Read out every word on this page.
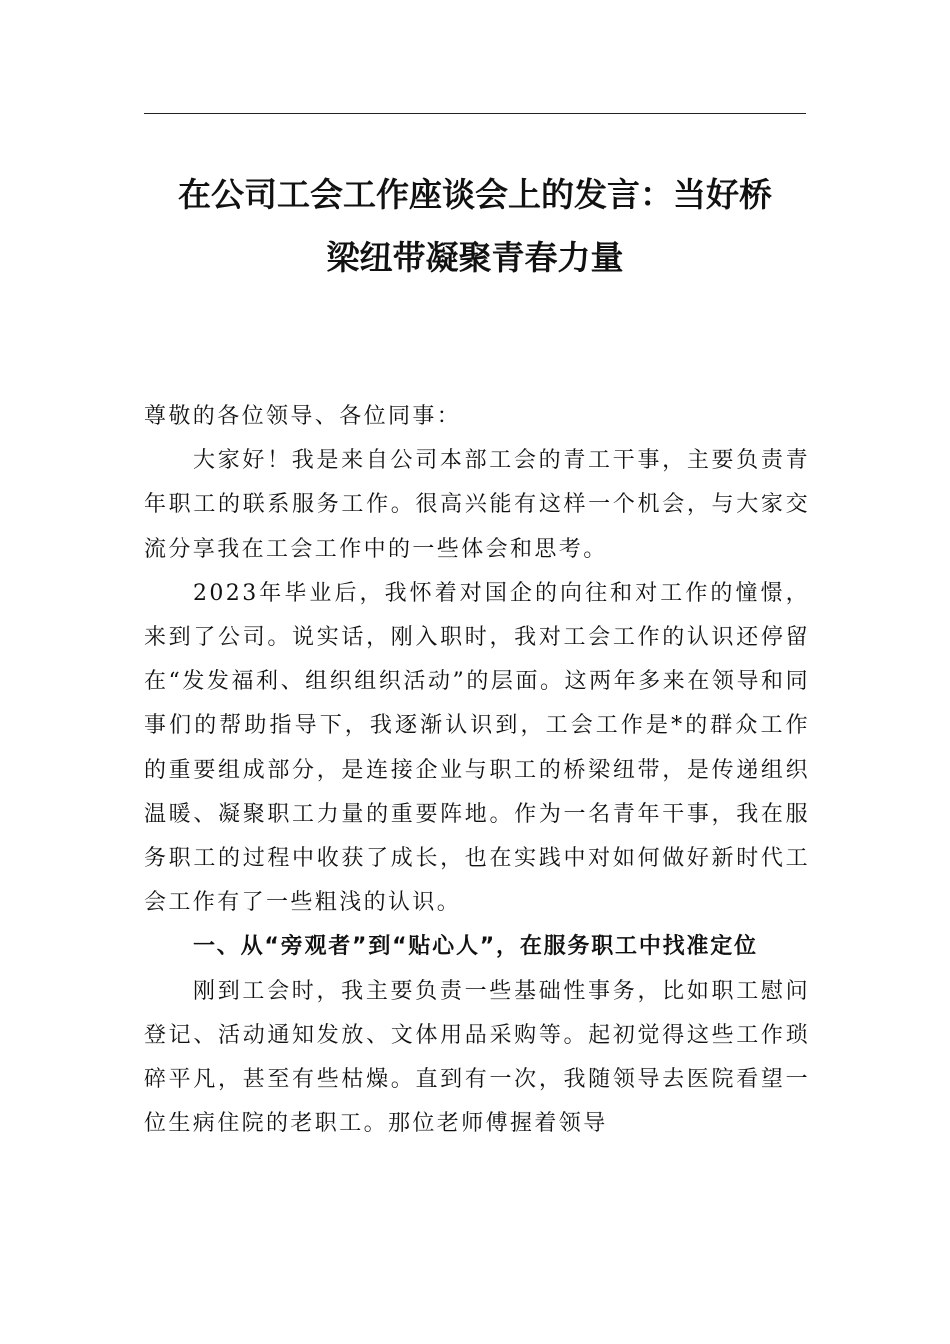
在公司工会工作座谈会上的发言：当好桥
梁纽带凝聚青春力量

尊敬的各位领导、各位同事：

大家好！我是来自公司本部工会的青工干事，主要负责青年职工的联系服务工作。很高兴能有这样一个机会，与大家交流分享我在工会工作中的一些体会和思考。

2023年毕业后，我怀着对国企的向往和对工作的憧憬，来到了公司。说实话，刚入职时，我对工会工作的认识还停留在“发发福利、组织组织活动”的层面。这两年多来在领导和同事们的帮助指导下，我逐渐认识到，工会工作是*的群众工作的重要组成部分，是连接企业与职工的桥梁纽带，是传递组织温暖、凝聚职工力量的重要阵地。作为一名青年干事，我在服务职工的过程中收获了成长，也在实践中对如何做好新时代工会工作有了一些粗浅的认识。

一、从“旁观者”到“贴心人”，在服务职工中找准定位

刚到工会时，我主要负责一些基础性事务，比如职工慰问登记、活动通知发放、文体用品采购等。起初觉得这些工作琐碎平凡，甚至有些枯燥。直到有一次，我随领导去医院看望一位生病住院的老职工。那位老师傅握着领导
